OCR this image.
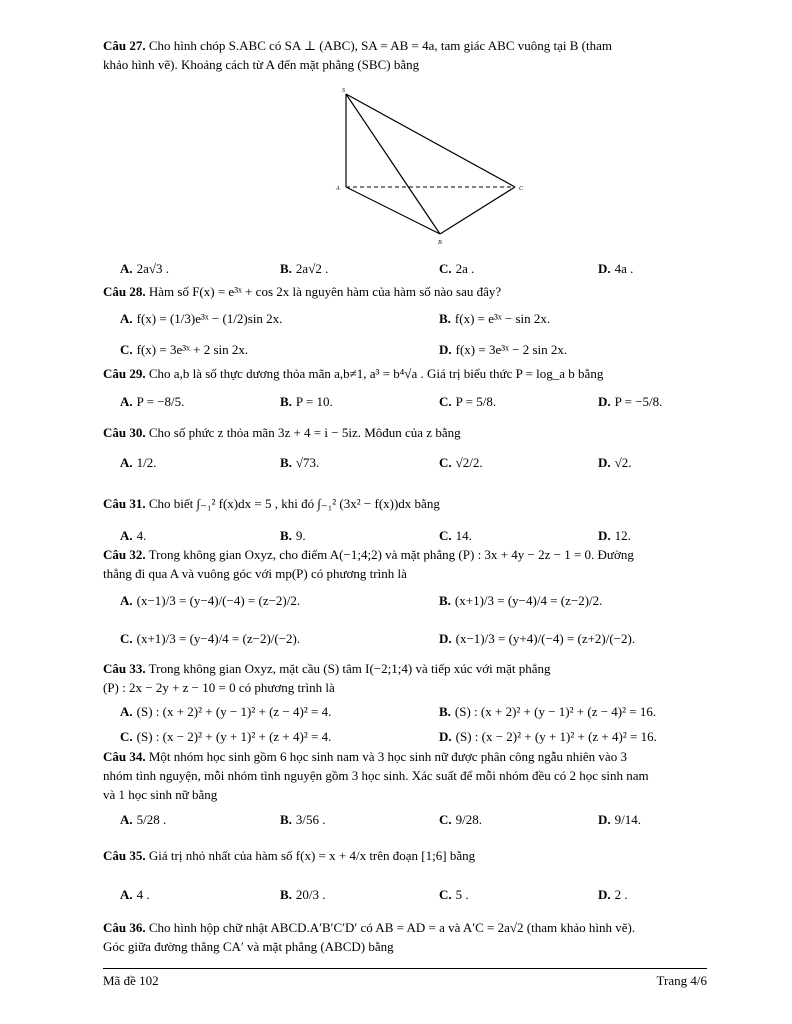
Câu 27. Cho hình chóp S.ABC có SA ⊥ (ABC), SA = AB = 4a, tam giác ABC vuông tại B (tham
khảo hình vẽ). Khoảng cách từ A đến mặt phẳng (SBC) bằng
S
A
B
C
A. 2a√3 .	B. 2a√2 .	C. 2a .	D. 4a .
Câu 28. Hàm số F(x) = e³ˣ + cos 2x là nguyên hàm của hàm số nào sau đây?
A. f(x) = (1/3)e³ˣ − (1/2)sin 2x.	B. f(x) = e³ˣ − sin 2x.
C. f(x) = 3e³ˣ + 2 sin 2x.	D. f(x) = 3e³ˣ − 2 sin 2x.
Câu 29. Cho a,b là số thực dương thỏa mãn a,b≠1, a³ = b⁴√a . Giá trị biểu thức P = log_a b bằng
A. P = −8/5.	B. P = 10.	C. P = 5/8.	D. P = −5/8.
Câu 30. Cho số phức z thỏa mãn 3z + 4 = i − 5iz. Môđun của z bằng
A. 1/2.	B. √73.	C. √2/2.	D. √2.
Câu 31. Cho biết ∫₋₁² f(x)dx = 5 , khi đó ∫₋₁² (3x² − f(x))dx bằng
A. 4.	B. 9.	C. 14.	D. 12.
Câu 32. Trong không gian Oxyz, cho điểm A(−1;4;2) và mặt phẳng (P) : 3x + 4y − 2z − 1 = 0. Đường
thẳng đi qua A và vuông góc với mp(P) có phương trình là
A. (x−1)/3 = (y−4)/(−4) = (z−2)/2.	B. (x+1)/3 = (y−4)/4 = (z−2)/2.
C. (x+1)/3 = (y−4)/4 = (z−2)/(−2).	D. (x−1)/3 = (y+4)/(−4) = (z+2)/(−2).
Câu 33. Trong không gian Oxyz, mặt cầu (S) tâm I(−2;1;4) và tiếp xúc với mặt phẳng
(P) : 2x − 2y + z − 10 = 0 có phương trình là
A. (S) : (x + 2)² + (y − 1)² + (z − 4)² = 4.	B. (S) : (x + 2)² + (y − 1)² + (z − 4)² = 16.
C. (S) : (x − 2)² + (y + 1)² + (z + 4)² = 4.	D. (S) : (x − 2)² + (y + 1)² + (z + 4)² = 16.
Câu 34. Một nhóm học sinh gồm 6 học sinh nam và 3 học sinh nữ được phân công ngẫu nhiên vào 3
nhóm tình nguyện, mỗi nhóm tình nguyện gồm 3 học sinh. Xác suất để mỗi nhóm đều có 2 học sinh nam
và 1 học sinh nữ bằng
A. 5/28 .	B. 3/56 .	C. 9/28.	D. 9/14.
Câu 35. Giá trị nhỏ nhất của hàm số f(x) = x + 4/x trên đoạn [1;6] bằng
A. 4 .	B. 20/3 .	C. 5 .	D. 2 .
Câu 36. Cho hình hộp chữ nhật ABCD.A′B′C′D′ có AB = AD = a và A′C = 2a√2 (tham khảo hình vẽ).
Góc giữa đường thẳng CA′ và mặt phẳng (ABCD) bằng
Mã đề 102	Trang 4/6
